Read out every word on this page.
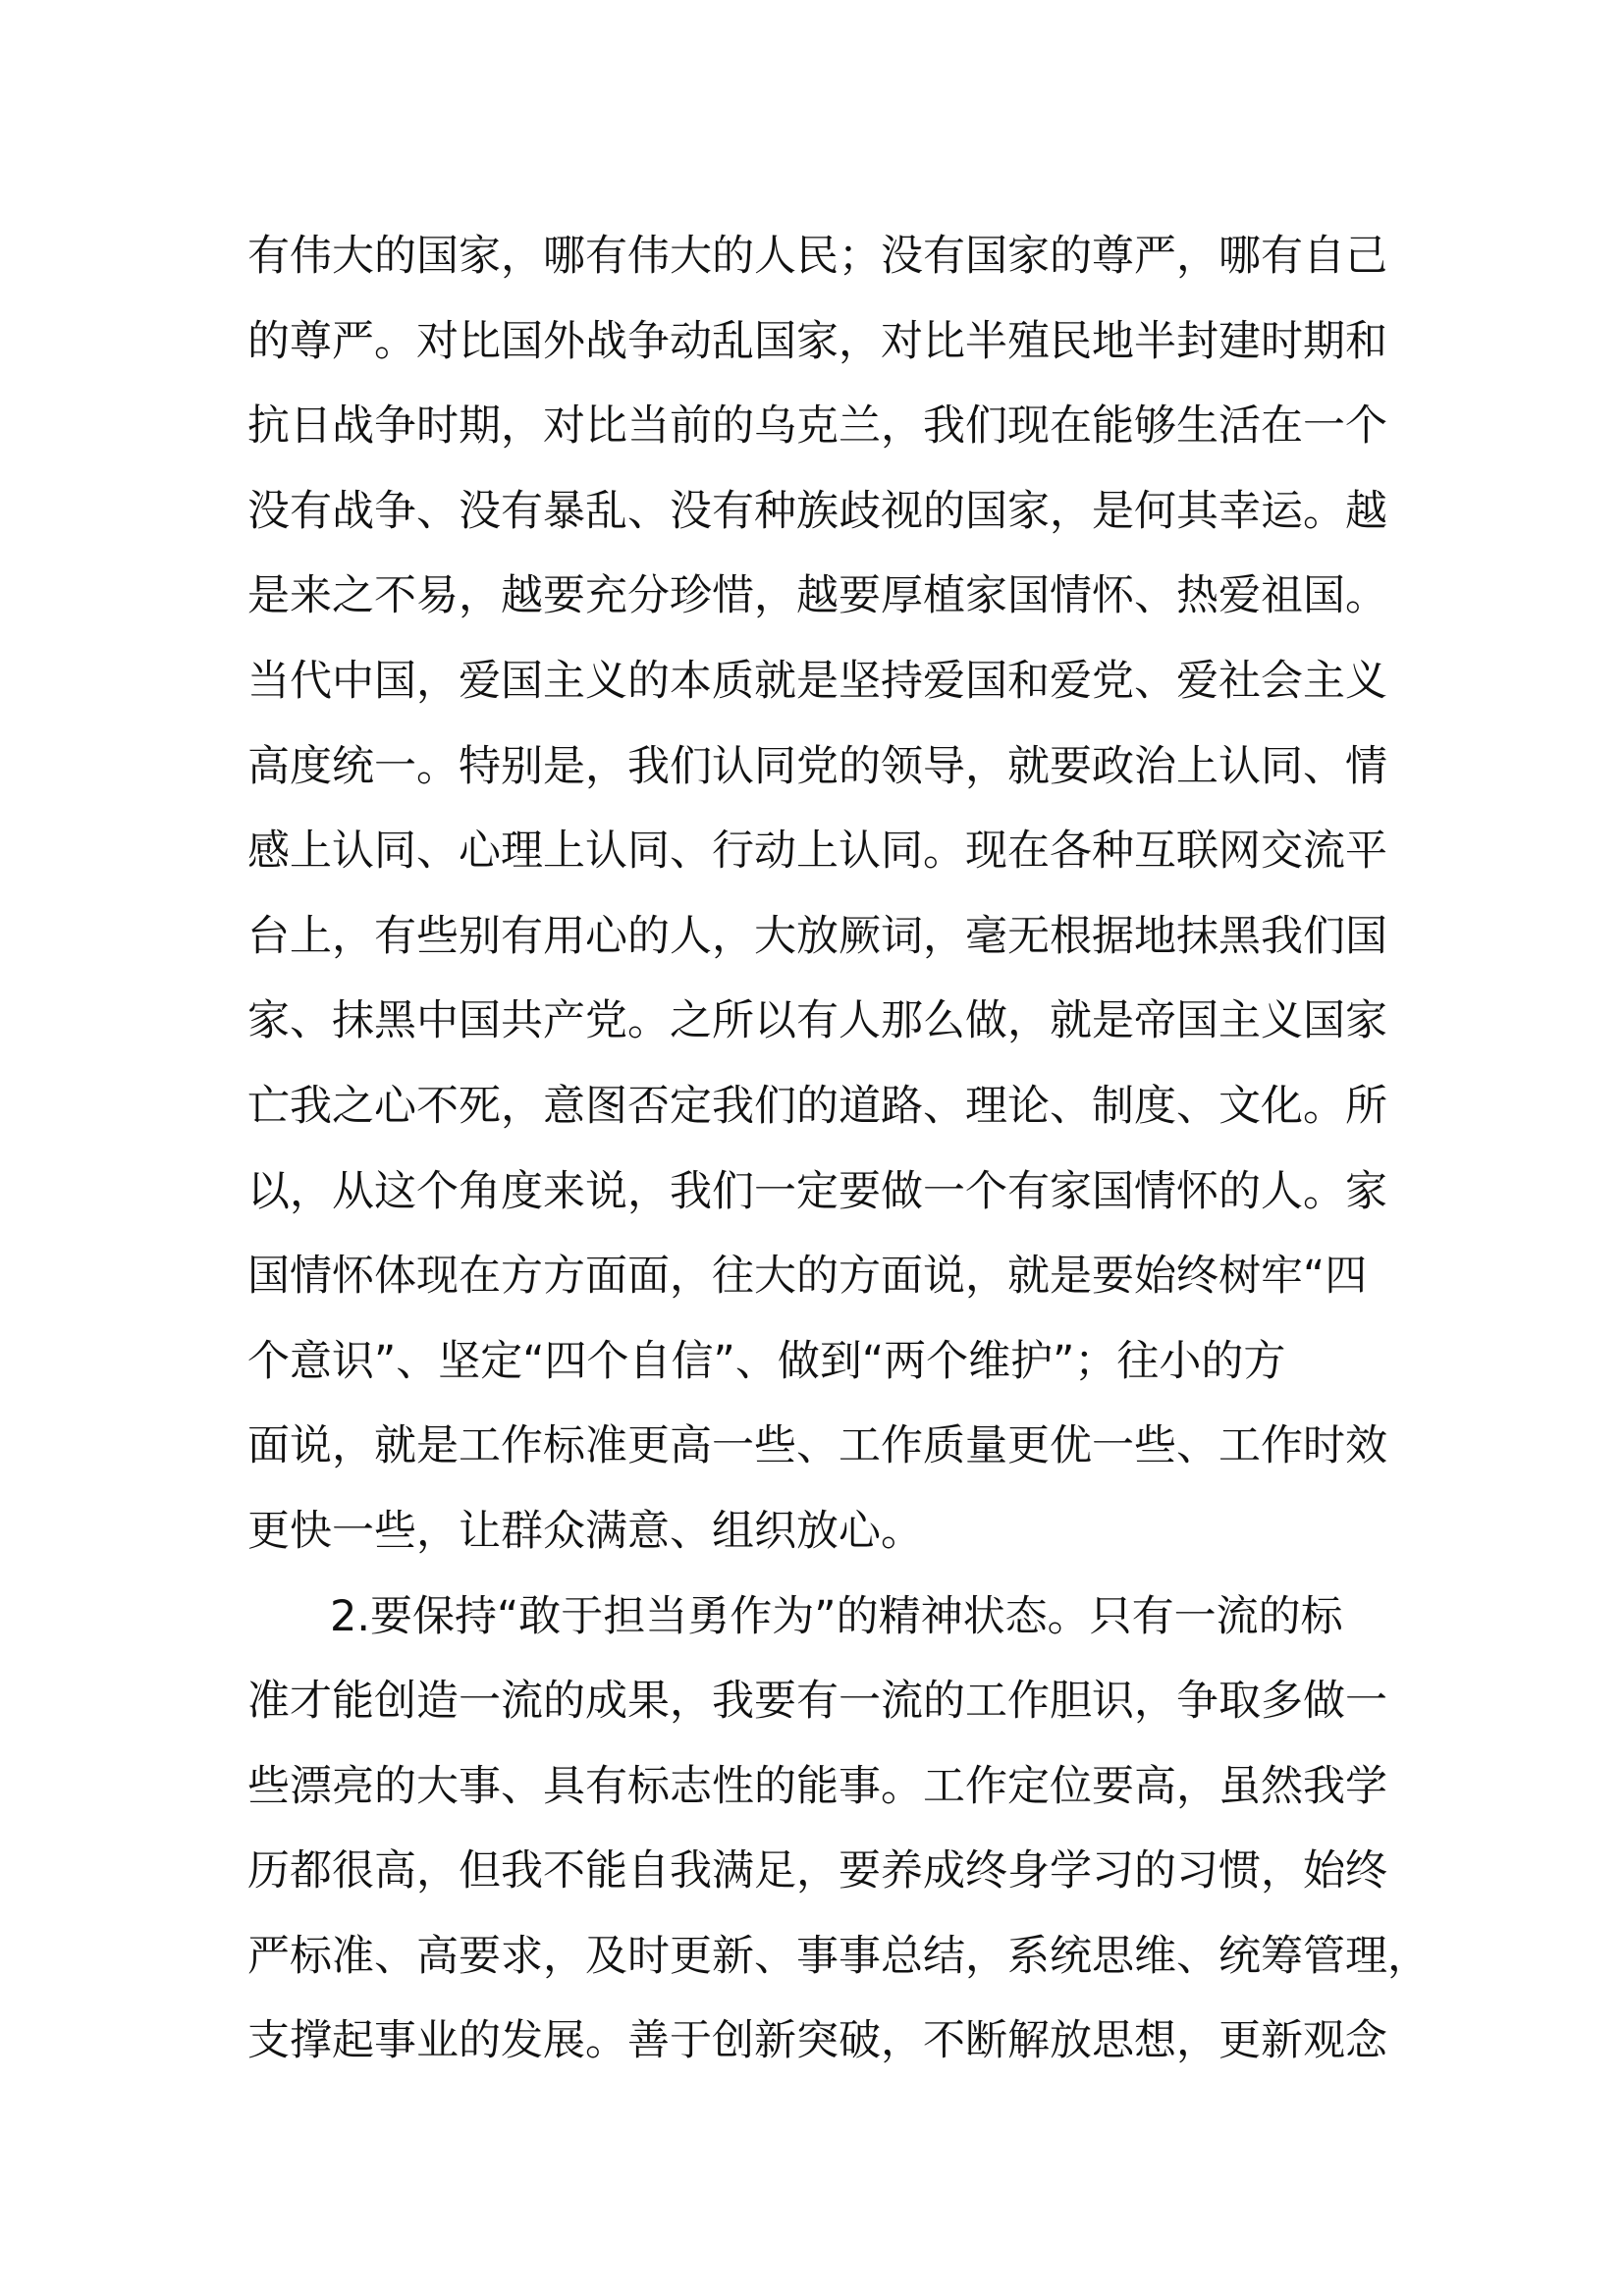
有伟大的国家，哪有伟大的人民；没有国家的尊严，哪有自己
的尊严。对比国外战争动乱国家，对比半殖民地半封建时期和
抗日战争时期，对比当前的乌克兰，我们现在能够生活在一个
没有战争、没有暴乱、没有种族歧视的国家，是何其幸运。越
是来之不易，越要充分珍惜，越要厚植家国情怀、热爱祖国。
当代中国，爱国主义的本质就是坚持爱国和爱党、爱社会主义
高度统一。特别是，我们认同党的领导，就要政治上认同、情
感上认同、心理上认同、行动上认同。现在各种互联网交流平
台上，有些别有用心的人，大放厥词，毫无根据地抹黑我们国
家、抹黑中国共产党。之所以有人那么做，就是帝国主义国家
亡我之心不死，意图否定我们的道路、理论、制度、文化。所
以，从这个角度来说，我们一定要做一个有家国情怀的人。家
国情怀体现在方方面面，往大的方面说，就是要始终树牢“四
个意识”、坚定“四个自信”、做到“两个维护”；往小的方
面说，就是工作标准更高一些、工作质量更优一些、工作时效
更快一些，让群众满意、组织放心。
2.要保持“敢于担当勇作为”的精神状态。只有一流的标
准才能创造一流的成果，我要有一流的工作胆识，争取多做一
些漂亮的大事、具有标志性的能事。工作定位要高，虽然我学
历都很高，但我不能自我满足，要养成终身学习的习惯，始终
严标准、高要求，及时更新、事事总结，系统思维、统筹管理，
支撑起事业的发展。善于创新突破，不断解放思想，更新观念
